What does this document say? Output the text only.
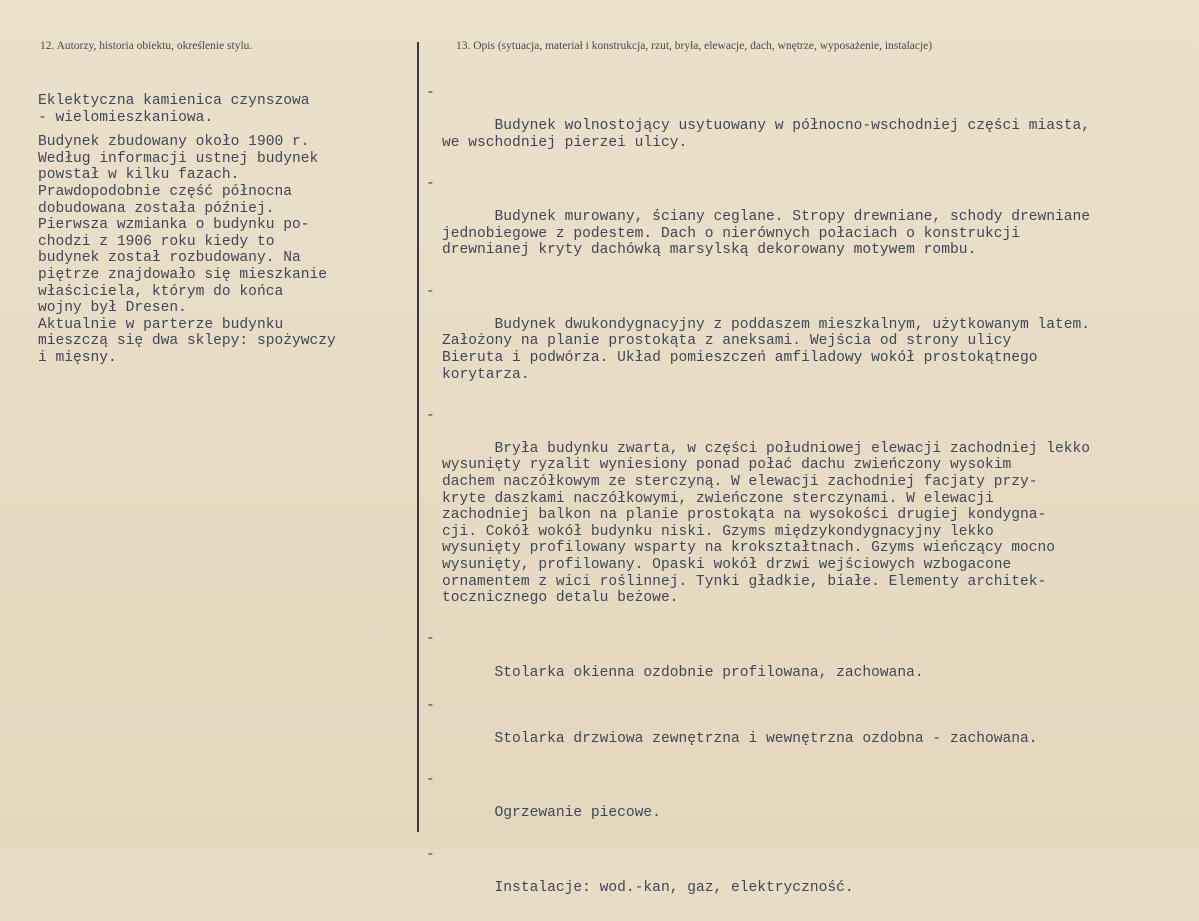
12. Autorzy, historia obiektu, określenie stylu.	13. Opis (sytuacja, materiał i konstrukcja, rzut, bryła, elewacje, dach, wnętrze, wyposażenie, instalacje)

Eklektyczna kamienica czynszowa
- wielomieszkaniowa.

Budynek zbudowany około 1900 r.
Według informacji ustnej budynek
powstał w kilku fazach.
Prawdopodobnie część północna
dobudowana została później.
Pierwsza wzmianka o budynku po-
chodzi z 1906 roku kiedy to
budynek został rozbudowany. Na
piętrze znajdowało się mieszkanie
właściciela, którym do końca
wojny był Dresen.
Aktualnie w parterze budynku
mieszczą się dwa sklepy: spożywczy
i mięsny.

-

Budynek wolnostojący usytuowany w północno-wschodniej części miasta,
we wschodniej pierzei ulicy.

-

Budynek murowany, ściany ceglane. Stropy drewniane, schody drewniane
jednobiegowe z podestem. Dach o nierównych połaciach o konstrukcji
drewnianej kryty dachówką marsylską dekorowany motywem rombu.

-

Budynek dwukondygnacyjny z poddaszem mieszkalnym, użytkowanym latem.
Założony na planie prostokąta z aneksami. Wejścia od strony ulicy
Bieruta i podwórza. Układ pomieszczeń amfiladowy wokół prostokątnego
korytarza.

-

Bryła budynku zwarta, w części południowej elewacji zachodniej lekko
wysunięty ryzalit wyniesiony ponad połać dachu zwieńczony wysokim
dachem naczółkowym ze sterczyną. W elewacji zachodniej facjaty przy-
kryte daszkami naczółkowymi, zwieńczone sterczynami. W elewacji
zachodniej balkon na planie prostokąta na wysokości drugiej kondygna-
cji. Cokół wokół budynku niski. Gzyms międzykondygnacyjny lekko
wysunięty profilowany wsparty na krokształtnach. Gzyms wieńczący mocno
wysunięty, profilowany. Opaski wokół drzwi wejściowych wzbogacone
ornamentem z wici roślinnej. Tynki gładkie, białe. Elementy architek-
tocznicznego detalu beżowe.

-

Stolarka okienna ozdobnie profilowana, zachowana.

-

Stolarka drzwiowa zewnętrzna i wewnętrzna ozdobna - zachowana.

-

Ogrzewanie piecowe.

-

Instalacje: wod.-kan, gaz, elektryczność.
